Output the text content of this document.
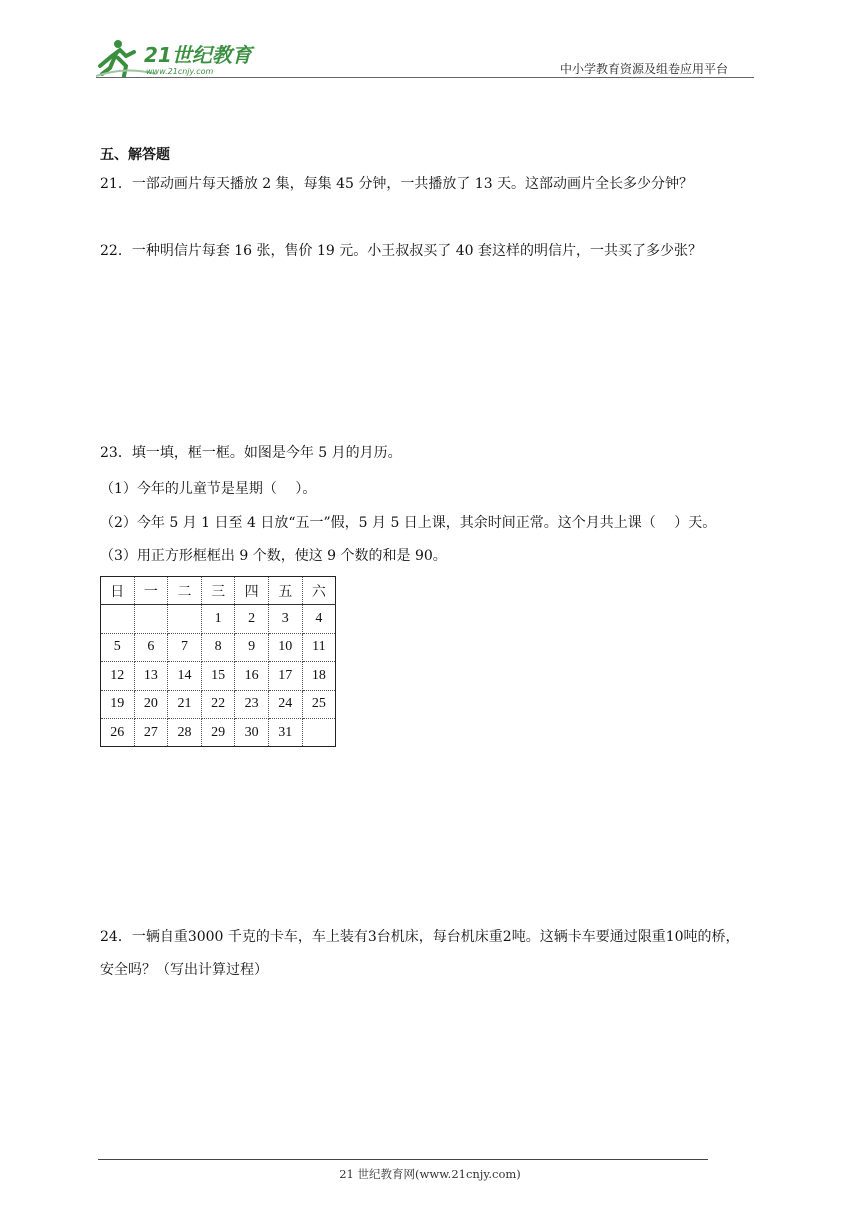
21世纪教育
www.21cnjy.com	中小学教育资源及组卷应用平台
五、解答题
21．一部动画片每天播放 2 集，每集 45 分钟，一共播放了 13 天。这部动画片全长多少分钟？
22．一种明信片每套 16 张，售价 19 元。小王叔叔买了 40 套这样的明信片，一共买了多少张？
23．填一填，框一框。如图是今年 5 月的月历。
（1）今年的儿童节是星期（　 ）。
（2）今年 5 月 1 日至 4 日放“五一”假，5 月 5 日上课，其余时间正常。这个月共上课（　 ）天。
（3）用正方形框框出 9 个数，使这 9 个数的和是 90。
日	一	二	三	四	五	六
			1	2	3	4
5	6	7	8	9	10	11
12	13	14	15	16	17	18
19	20	21	22	23	24	25
26	27	28	29	30	31	
24．一辆自重3000 千克的卡车，车上装有3台机床，每台机床重2吨。这辆卡车要通过限重10吨的桥，
安全吗？（写出计算过程）
21 世纪教育网(www.21cnjy.com)
